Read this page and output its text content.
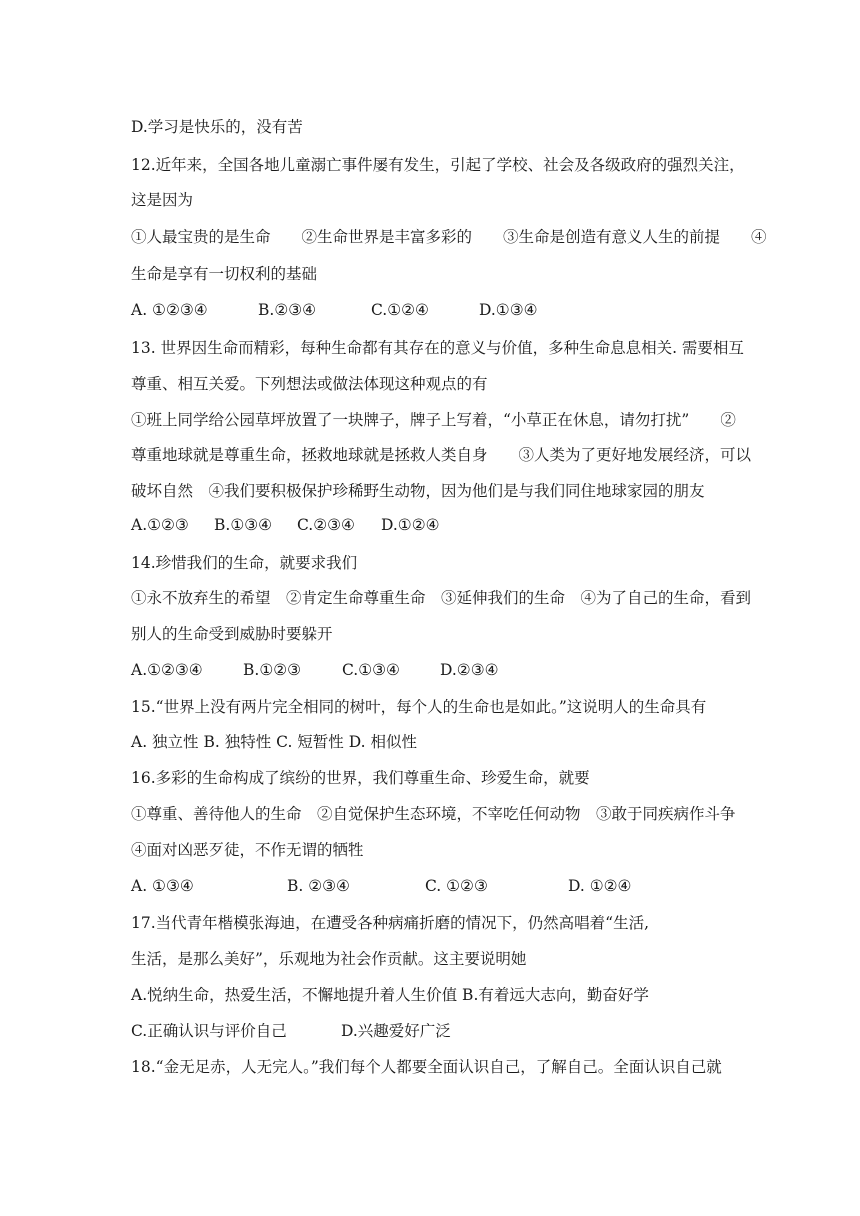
D.学习是快乐的，没有苦
12.近年来，全国各地儿童溺亡事件屡有发生，引起了学校、社会及各级政府的强烈关注，
这是因为
①人最宝贵的是生命　　②生命世界是丰富多彩的　　③生命是创造有意义人生的前提　　④
生命是享有一切权利的基础
A. ①②③④	B.②③④	C.①②④	D.①③④
13. 世界因生命而精彩，每种生命都有其存在的意义与价值，多种生命息息相关. 需要相互
尊重、相互关爱。下列想法或做法体现这种观点的有
①班上同学给公园草坪放置了一块牌子，牌子上写着，“小草正在休息，请勿打扰”　　②
尊重地球就是尊重生命，拯救地球就是拯救人类自身　　③人类为了更好地发展经济，可以
破坏自然　④我们要积极保护珍稀野生动物，因为他们是与我们同住地球家园的朋友
A.①②③ B.①③④ C.②③④ D.①②④
14.珍惜我们的生命，就要求我们
①永不放弃生的希望　②肯定生命尊重生命　③延伸我们的生命　④为了自己的生命，看到
别人的生命受到威胁时要躲开
A.①②③④	B.①②③	C.①③④	D.②③④
15.“世界上没有两片完全相同的树叶，每个人的生命也是如此。”这说明人的生命具有
A. 独立性 B. 独特性 C. 短暂性 D. 相似性
16.多彩的生命构成了缤纷的世界，我们尊重生命、珍爱生命，就要
①尊重、善待他人的生命　②自觉保护生态环境，不宰吃任何动物　③敢于同疾病作斗争
④面对凶恶歹徒，不作无谓的牺牲
A. ①③④	B. ②③④	C. ①②③	D. ①②④
17.当代青年楷模张海迪，在遭受各种病痛折磨的情况下，仍然高唱着“生活,
生活，是那么美好”，乐观地为社会作贡献。这主要说明她
A.悦纳生命，热爱生活，不懈地提升着人生价值 B.有着远大志向，勤奋好学
C.正确认识与评价自己	D.兴趣爱好广泛
18.“金无足赤，人无完人。”我们每个人都要全面认识自己，了解自己。全面认识自己就
